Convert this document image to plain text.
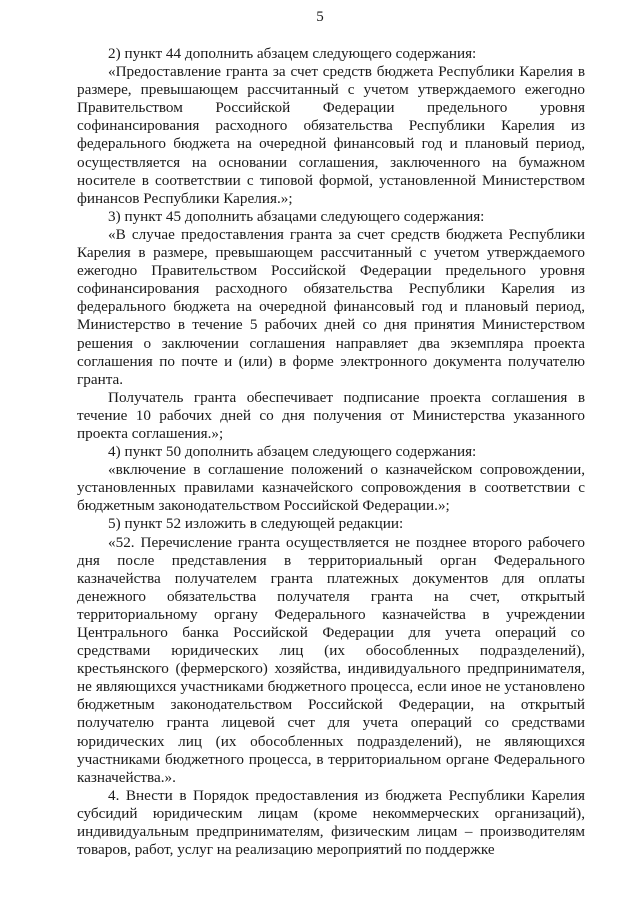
5

2) пункт 44 дополнить абзацем следующего содержания:

«Предоставление гранта за счет средств бюджета Республики Карелия в размере, превышающем рассчитанный с учетом утверждаемого ежегодно Правительством Российской Федерации предельного уровня софинансирования расходного обязательства Республики Карелия из федерального бюджета на очередной финансовый год и плановый период, осуществляется на основании соглашения, заключенного на бумажном носителе в соответствии с типовой формой, установленной Министерством финансов Республики Карелия.»;

3) пункт 45 дополнить абзацами следующего содержания:

«В случае предоставления гранта за счет средств бюджета Республики Карелия в размере, превышающем рассчитанный с учетом утверждаемого ежегодно Правительством Российской Федерации предельного уровня софинансирования расходного обязательства Республики Карелия из федерального бюджета на очередной финансовый год и плановый период, Министерство в течение 5 рабочих дней со дня принятия Министерством решения о заключении соглашения направляет два экземпляра проекта соглашения по почте и (или) в форме электронного документа получателю гранта.

Получатель гранта обеспечивает подписание проекта соглашения в течение 10 рабочих дней со дня получения от Министерства указанного проекта соглашения.»;

4) пункт 50 дополнить абзацем следующего содержания:

«включение в соглашение положений о казначейском сопровождении, установленных правилами казначейского сопровождения в соответствии с бюджетным законодательством Российской Федерации.»;

5) пункт 52 изложить в следующей редакции:

«52. Перечисление гранта осуществляется не позднее второго рабочего дня после представления в территориальный орган Федерального казначейства получателем гранта платежных документов для оплаты денежного обязательства получателя гранта на счет, открытый территориальному органу Федерального казначейства в учреждении Центрального банка Российской Федерации для учета операций со средствами юридических лиц (их обособленных подразделений), крестьянского (фермерского) хозяйства, индивидуального предпринимателя, не являющихся участниками бюджетного процесса, если иное не установлено бюджетным законодательством Российской Федерации, на открытый получателю гранта лицевой счет для учета операций со средствами юридических лиц (их обособленных подразделений), не являющихся участниками бюджетного процесса, в территориальном органе Федерального казначейства.».

4. Внести в Порядок предоставления из бюджета Республики Карелия субсидий юридическим лицам (кроме некоммерческих организаций), индивидуальным предпринимателям, физическим лицам – производителям товаров, работ, услуг на реализацию мероприятий по поддержке
